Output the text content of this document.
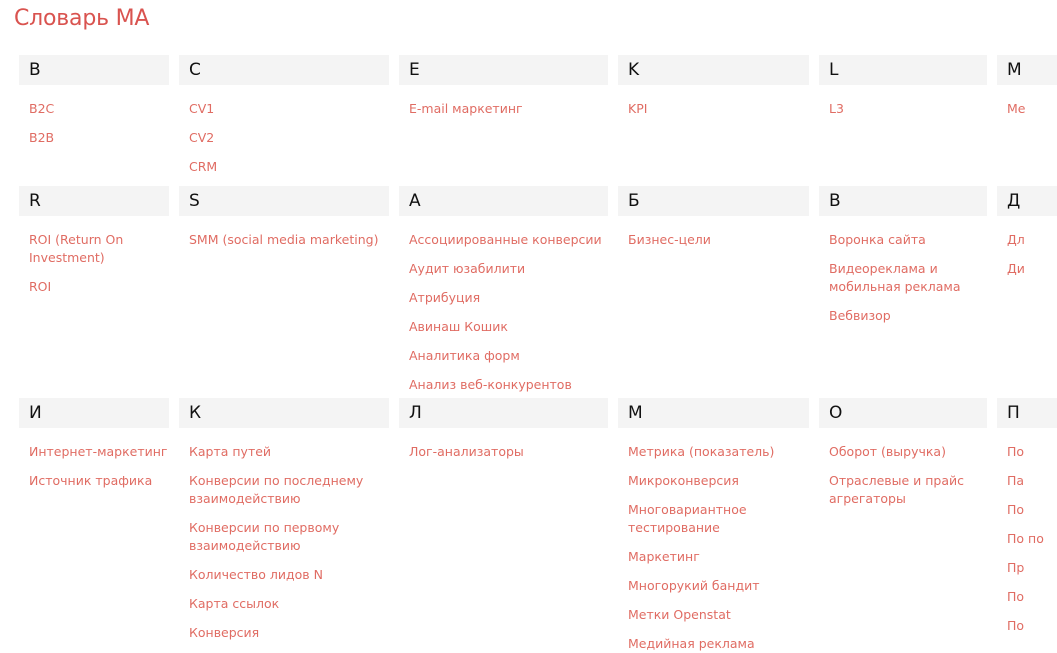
Словарь МА
B
B2C
B2B
C
CV1
CV2
CRM
E
E-mail маркетинг
K
KPI
L
L3
M
Ме
R
ROI (Return On Investment)
ROI
S
SMM (social media marketing)
А
Ассоциированные конверсии
Аудит юзабилити
Атрибуция
Авинаш Кошик
Аналитика форм
Анализ веб-конкурентов
Б
Бизнес-цели
В
Воронка сайта
Видеореклама и мобильная реклама
Вебвизор
Д
Дл
Ди
И
Интернет-маркетинг
Источник трафика
К
Карта путей
Конверсии по последнему взаимодействию
Конверсии по первому взаимодействию
Количество лидов N
Карта ссылок
Конверсия
Л
Лог-анализаторы
М
Метрика (показатель)
Микроконверсия
Многовариантное тестирование
Маркетинг
Многорукий бандит
Метки Openstat
Медийная реклама
О
Оборот (выручка)
Отраслевые и прайс агрегаторы
П
По
Па
По
По по
Пр
По
По
